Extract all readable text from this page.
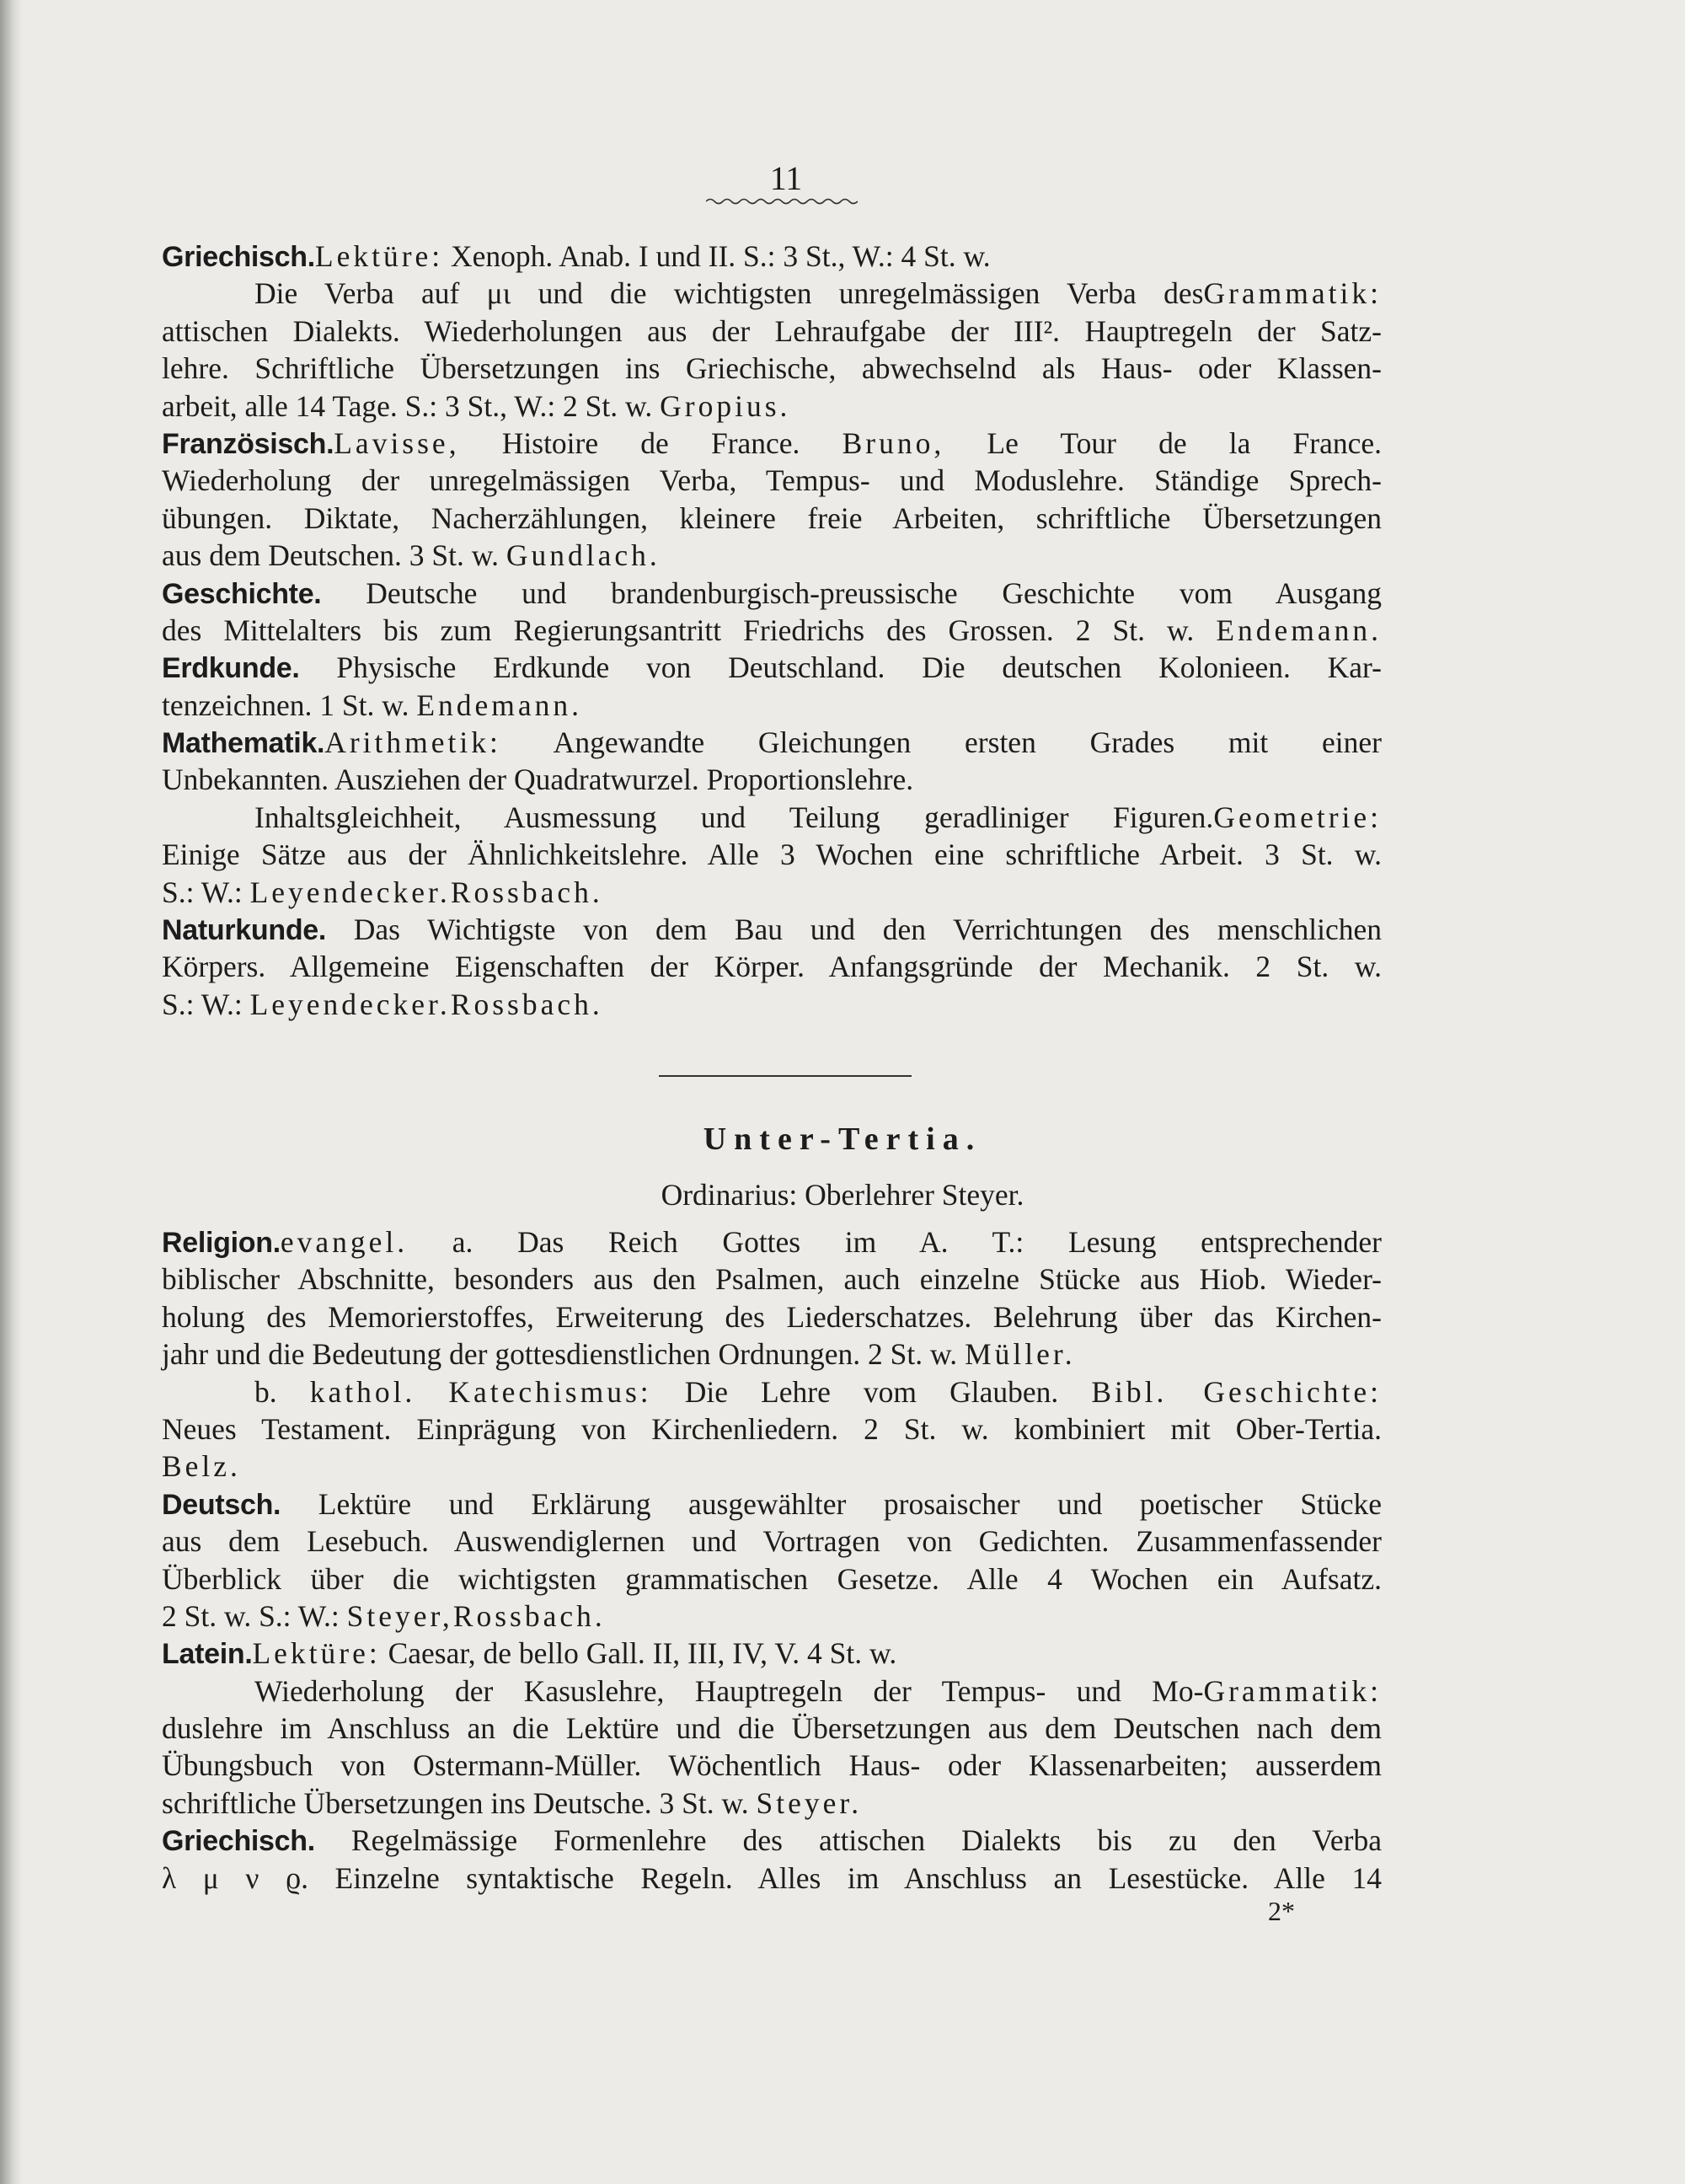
11
Griechisch.Lektüre: Xenoph. Anab. I und II. S.: 3 St., W.: 4 St. w.
Die Verba auf μι und die wichtigsten unregelmässigen Verba desGrammatik:
attischen Dialekts. Wiederholungen aus der Lehraufgabe der III². Hauptregeln der Satz-
lehre. Schriftliche Übersetzungen ins Griechische, abwechselnd als Haus- oder Klassen-
arbeit, alle 14 Tage. S.: 3 St., W.: 2 St. w. Gropius.
Französisch.Lavisse, Histoire de France. Bruno, Le Tour de la France.
Wiederholung der unregelmässigen Verba, Tempus- und Moduslehre. Ständige Sprech-
übungen. Diktate, Nacherzählungen, kleinere freie Arbeiten, schriftliche Übersetzungen
aus dem Deutschen. 3 St. w. Gundlach.
Geschichte. Deutsche und brandenburgisch-preussische Geschichte vom Ausgang
des Mittelalters bis zum Regierungsantritt Friedrichs des Grossen. 2 St. w. Endemann.
Erdkunde. Physische Erdkunde von Deutschland. Die deutschen Kolonieen. Kar-
tenzeichnen. 1 St. w. Endemann.
Mathematik.Arithmetik: Angewandte Gleichungen ersten Grades mit einer
Unbekannten. Ausziehen der Quadratwurzel. Proportionslehre.
Inhaltsgleichheit, Ausmessung und Teilung geradliniger Figuren.Geometrie:
Einige Sätze aus der Ähnlichkeitslehre. Alle 3 Wochen eine schriftliche Arbeit. 3 St. w.
S.: W.: Leyendecker.Rossbach.
Naturkunde. Das Wichtigste von dem Bau und den Verrichtungen des menschlichen
Körpers. Allgemeine Eigenschaften der Körper. Anfangsgründe der Mechanik. 2 St. w.
S.: W.: Leyendecker.Rossbach.
Unter-Tertia.
Ordinarius: Oberlehrer Steyer.
Religion.evangel. a. Das Reich Gottes im A. T.: Lesung entsprechender
biblischer Abschnitte, besonders aus den Psalmen, auch einzelne Stücke aus Hiob. Wieder-
holung des Memorierstoffes, Erweiterung des Liederschatzes. Belehrung über das Kirchen-
jahr und die Bedeutung der gottesdienstlichen Ordnungen. 2 St. w. Müller.
b. kathol. Katechismus: Die Lehre vom Glauben. Bibl. Geschichte:
Neues Testament. Einprägung von Kirchenliedern. 2 St. w. kombiniert mit Ober-Tertia.
Belz.
Deutsch. Lektüre und Erklärung ausgewählter prosaischer und poetischer Stücke
aus dem Lesebuch. Auswendiglernen und Vortragen von Gedichten. Zusammenfassender
Überblick über die wichtigsten grammatischen Gesetze. Alle 4 Wochen ein Aufsatz.
2 St. w. S.: W.: Steyer,Rossbach.
Latein.Lektüre: Caesar, de bello Gall. II, III, IV, V. 4 St. w.
Wiederholung der Kasuslehre, Hauptregeln der Tempus- und Mo-Grammatik:
duslehre im Anschluss an die Lektüre und die Übersetzungen aus dem Deutschen nach dem
Übungsbuch von Ostermann-Müller. Wöchentlich Haus- oder Klassenarbeiten; ausserdem
schriftliche Übersetzungen ins Deutsche. 3 St. w. Steyer.
Griechisch. Regelmässige Formenlehre des attischen Dialekts bis zu den Verba
λ μ ν ϱ. Einzelne syntaktische Regeln. Alles im Anschluss an Lesestücke. Alle 14
2*
